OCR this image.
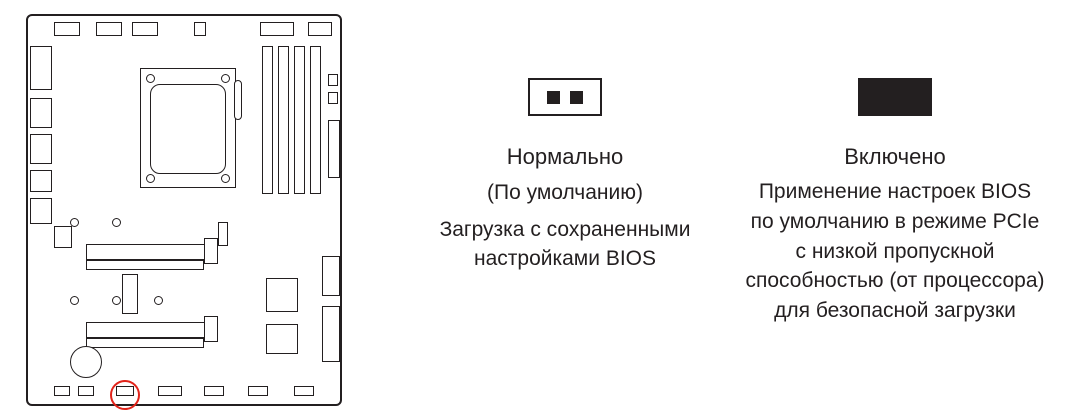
Нормально
(По умолчанию)
Загрузка с сохраненными настройками BIOS
Включено
Применение настроек BIOS по умолчанию в режиме PCIe с низкой пропускной способностью (от процессора) для безопасной загрузки
